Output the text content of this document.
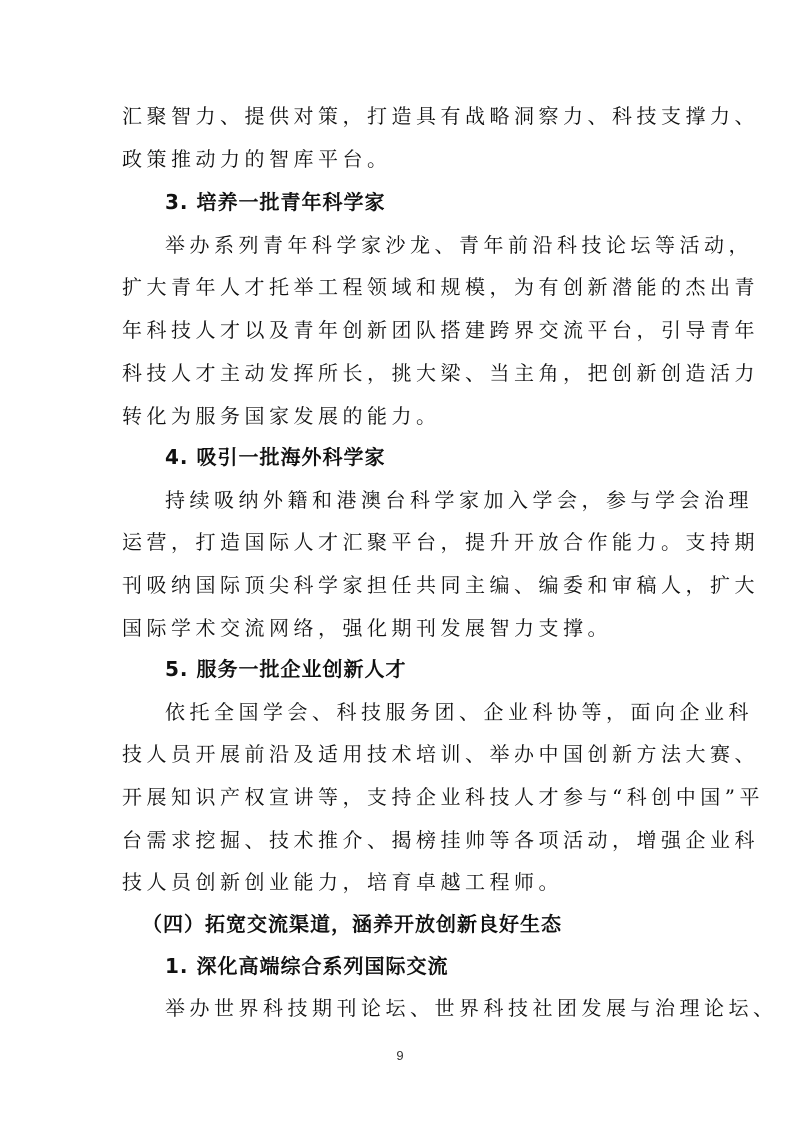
汇聚智力、提供对策，打造具有战略洞察力、科技支撑力、
政策推动力的智库平台。
3. 培养一批青年科学家
举办系列青年科学家沙龙、青年前沿科技论坛等活动，
扩大青年人才托举工程领域和规模，为有创新潜能的杰出青
年科技人才以及青年创新团队搭建跨界交流平台，引导青年
科技人才主动发挥所长，挑大梁、当主角，把创新创造活力
转化为服务国家发展的能力。
4. 吸引一批海外科学家
持续吸纳外籍和港澳台科学家加入学会，参与学会治理
运营，打造国际人才汇聚平台，提升开放合作能力。支持期
刊吸纳国际顶尖科学家担任共同主编、编委和审稿人，扩大
国际学术交流网络，强化期刊发展智力支撑。
5. 服务一批企业创新人才
依托全国学会、科技服务团、企业科协等，面向企业科
技人员开展前沿及适用技术培训、举办中国创新方法大赛、
开展知识产权宣讲等，支持企业科技人才参与“科创中国”平
台需求挖掘、技术推介、揭榜挂帅等各项活动，增强企业科
技人员创新创业能力，培育卓越工程师。
（四）拓宽交流渠道，涵养开放创新良好生态
1. 深化高端综合系列国际交流
举办世界科技期刊论坛、世界科技社团发展与治理论坛、
9
